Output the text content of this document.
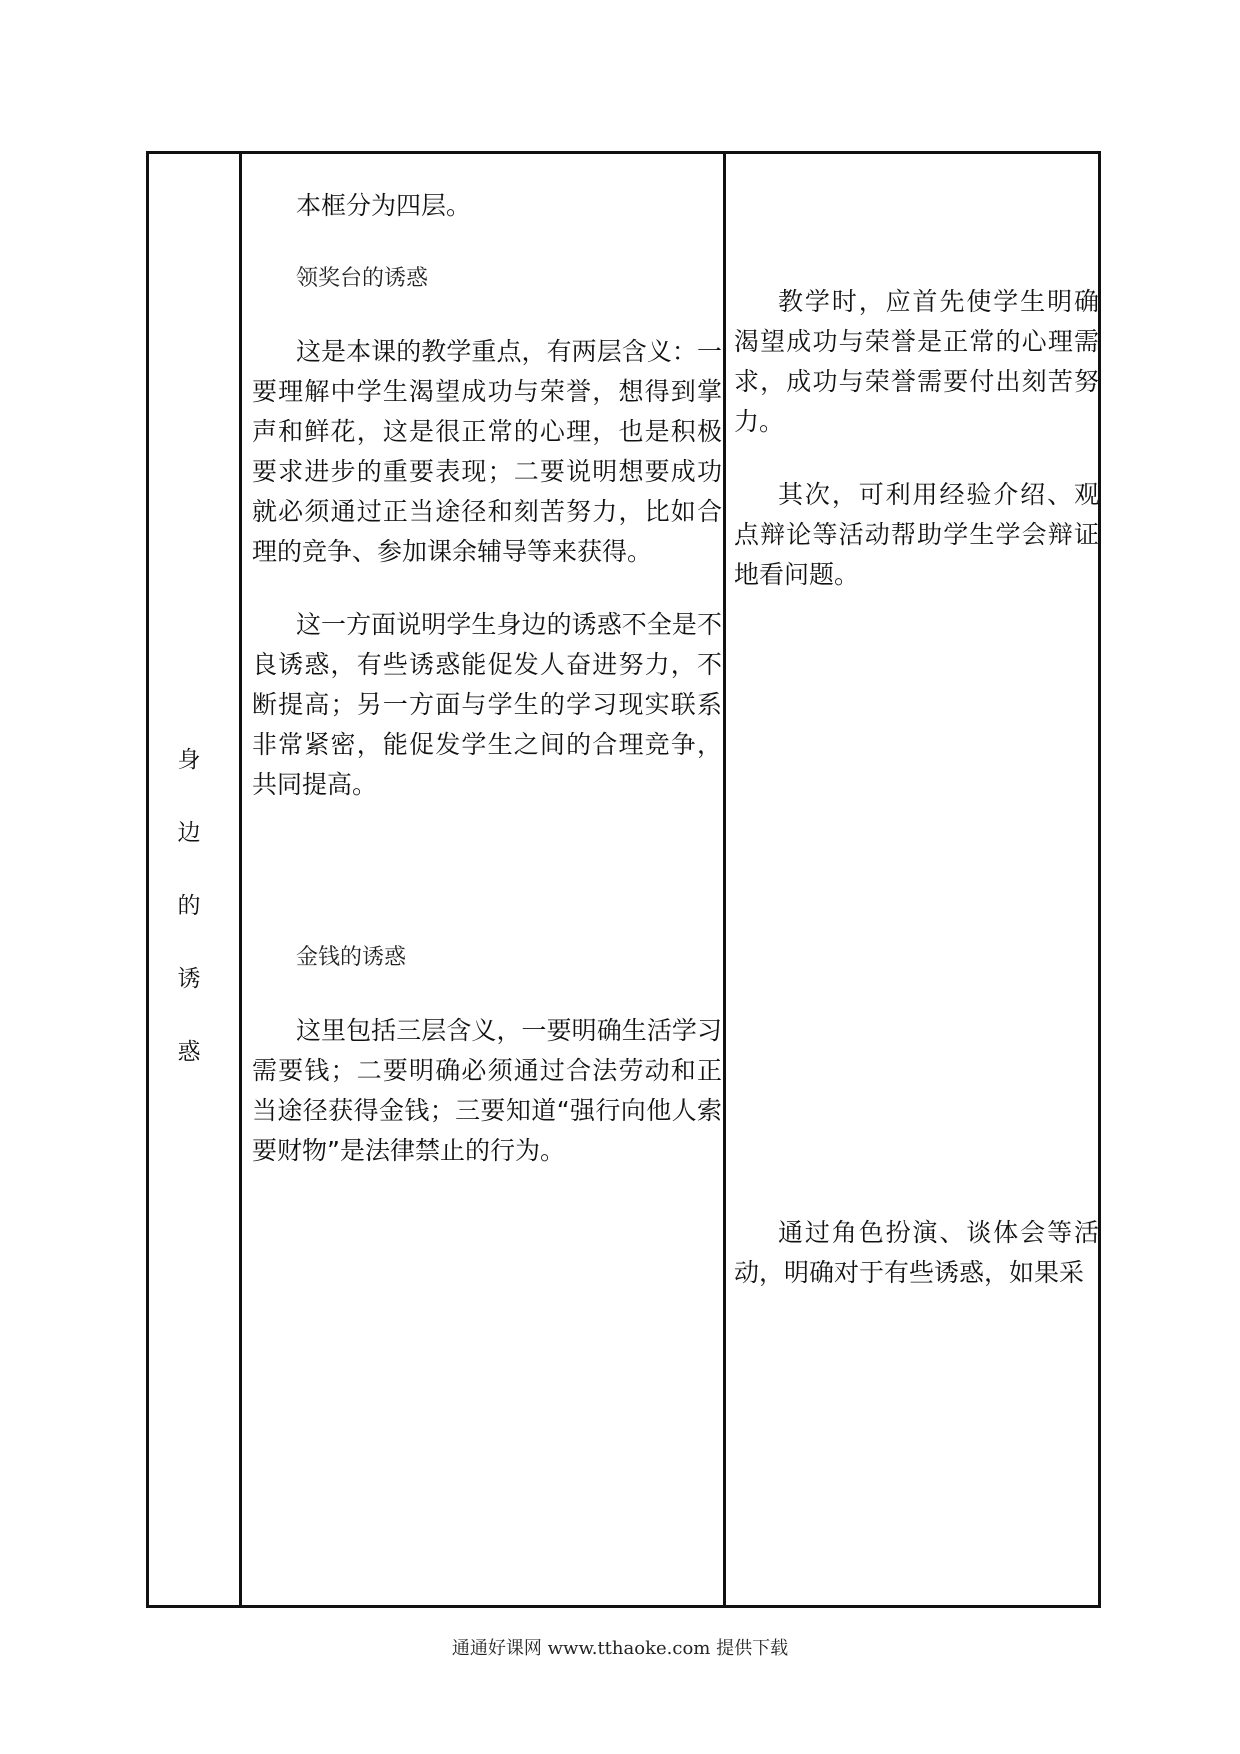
身
边
的
诱
惑

本框分为四层。

领奖台的诱惑

这是本课的教学重点，有两层含义：一要理解中学生渴望成功与荣誉，想得到掌声和鲜花，这是很正常的心理，也是积极要求进步的重要表现；二要说明想要成功就必须通过正当途径和刻苦努力，比如合理的竞争、参加课余辅导等来获得。

这一方面说明学生身边的诱惑不全是不良诱惑，有些诱惑能促发人奋进努力，不断提高；另一方面与学生的学习现实联系非常紧密，能促发学生之间的合理竞争，共同提高。

金钱的诱惑

这里包括三层含义，一要明确生活学习需要钱；二要明确必须通过合法劳动和正当途径获得金钱；三要知道“强行向他人索要财物”是法律禁止的行为。

教学时，应首先使学生明确渴望成功与荣誉是正常的心理需求，成功与荣誉需要付出刻苦努力。

其次，可利用经验介绍、观点辩论等活动帮助学生学会辩证地看问题。

通过角色扮演、谈体会等活动，明确对于有些诱惑，如果采

通通好课网 www.tthaoke.com 提供下载
